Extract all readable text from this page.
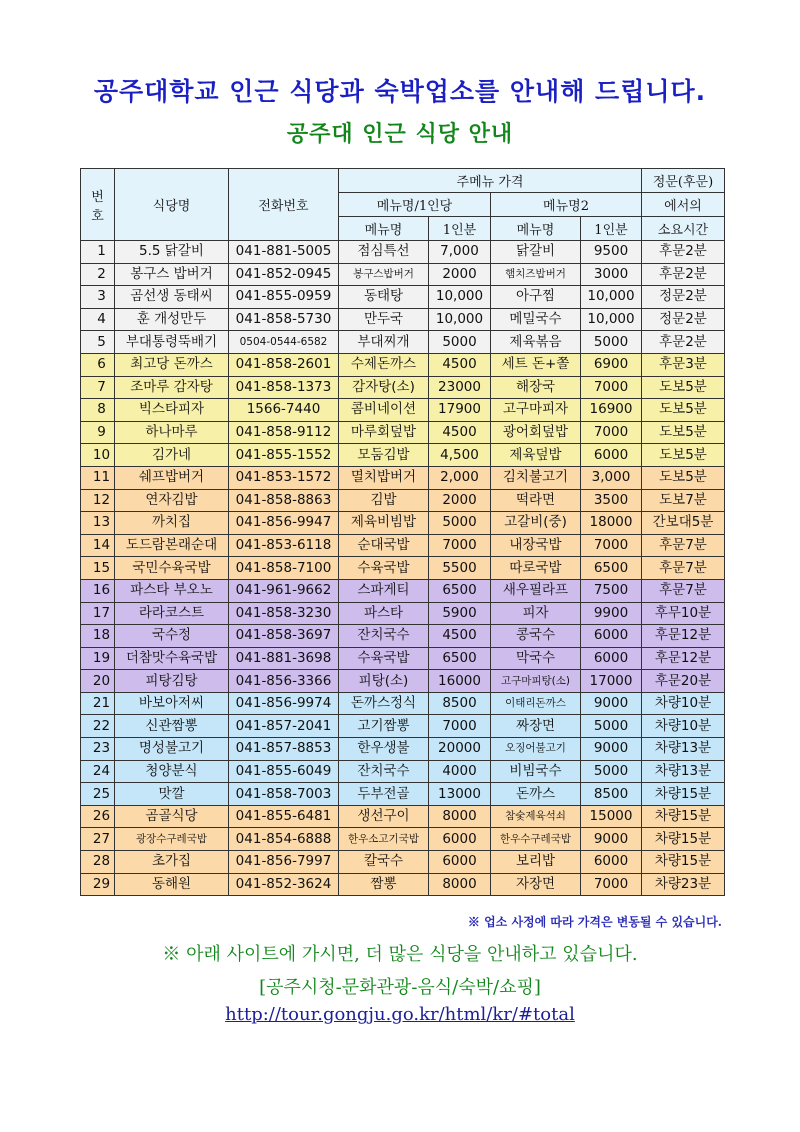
공주대학교 인근 식당과 숙박업소를 안내해 드립니다.
공주대 인근 식당 안내
번
호	식당명	전화번호	주메뉴 가격				정문(후문)
			메뉴명/1인당		메뉴명2		에서의
			메뉴명	1인분	메뉴명	1인분	소요시간
1	5.5 닭갈비	041-881-5005	점심특선	7,000	닭갈비	9500	후문2분
2	봉구스 밥버거	041-852-0945	봉구스밥버거	2000	햄치즈밥버거	3000	후문2분
3	곰선생 동태씨	041-855-0959	동태탕	10,000	아구찜	10,000	정문2분
4	훈 개성만두	041-858-5730	만두국	10,000	메밀국수	10,000	정문2분
5	부대통령뚝배기	0504-0544-6582	부대찌개	5000	제육볶음	5000	후문2분
6	최고당 돈까스	041-858-2601	수제돈까스	4500	세트 돈+쫄	6900	후문3분
7	조마루 감자탕	041-858-1373	감자탕(소)	23000	해장국	7000	도보5분
8	빅스타피자	1566-7440	콤비네이션	17900	고구마피자	16900	도보5분
9	하나마루	041-858-9112	마루회덮밥	4500	광어회덮밥	7000	도보5분
10	김가네	041-855-1552	모둠김밥	4,500	제육덮밥	6000	도보5분
11	쉐프밥버거	041-853-1572	멸치밥버거	2,000	김치불고기	3,000	도보5분
12	연자김밥	041-858-8863	김밥	2000	떡라면	3500	도보7분
13	까치집	041-856-9947	제육비빔밥	5000	고갈비(중)	18000	간보대5분
14	도드람본래순대	041-853-6118	순대국밥	7000	내장국밥	7000	후문7분
15	국민수육국밥	041-858-7100	수육국밥	5500	따로국밥	6500	후문7분
16	파스타 부오노	041-961-9662	스파게티	6500	새우필라프	7500	후문7분
17	라라코스트	041-858-3230	파스타	5900	피자	9900	후무10분
18	국수정	041-858-3697	잔치국수	4500	콩국수	6000	후문12분
19	더참맛수육국밥	041-881-3698	수육국밥	6500	막국수	6000	후문12분
20	피탕김탕	041-856-3366	피탕(소)	16000	고구마피탕(소)	17000	후문20분
21	바보아저씨	041-856-9974	돈까스정식	8500	이태리돈까스	9000	차량10분
22	신관짬뽕	041-857-2041	고기짬뽕	7000	짜장면	5000	차량10분
23	명성불고기	041-857-8853	한우생불	20000	오징어불고기	9000	차량13분
24	청양분식	041-855-6049	잔치국수	4000	비빔국수	5000	차량13분
25	맛깔	041-858-7003	두부전골	13000	돈까스	8500	차량15분
26	곰골식당	041-855-6481	생선구이	8000	참숯제육석쇠	15000	차량15분
27	광장수구레국밥	041-854-6888	한우소고기국밥	6000	한우수구레국밥	9000	차량15분
28	초가집	041-856-7997	칼국수	6000	보리밥	6000	차량15분
29	동해원	041-852-3624	짬뽕	8000	자장면	7000	차량23분
※ 업소 사정에 따라 가격은 변동될 수 있습니다.
※ 아래 사이트에 가시면, 더 많은 식당을 안내하고 있습니다.
[공주시청-문화관광-음식/숙박/쇼핑]
http://tour.gongju.go.kr/html/kr/#total
